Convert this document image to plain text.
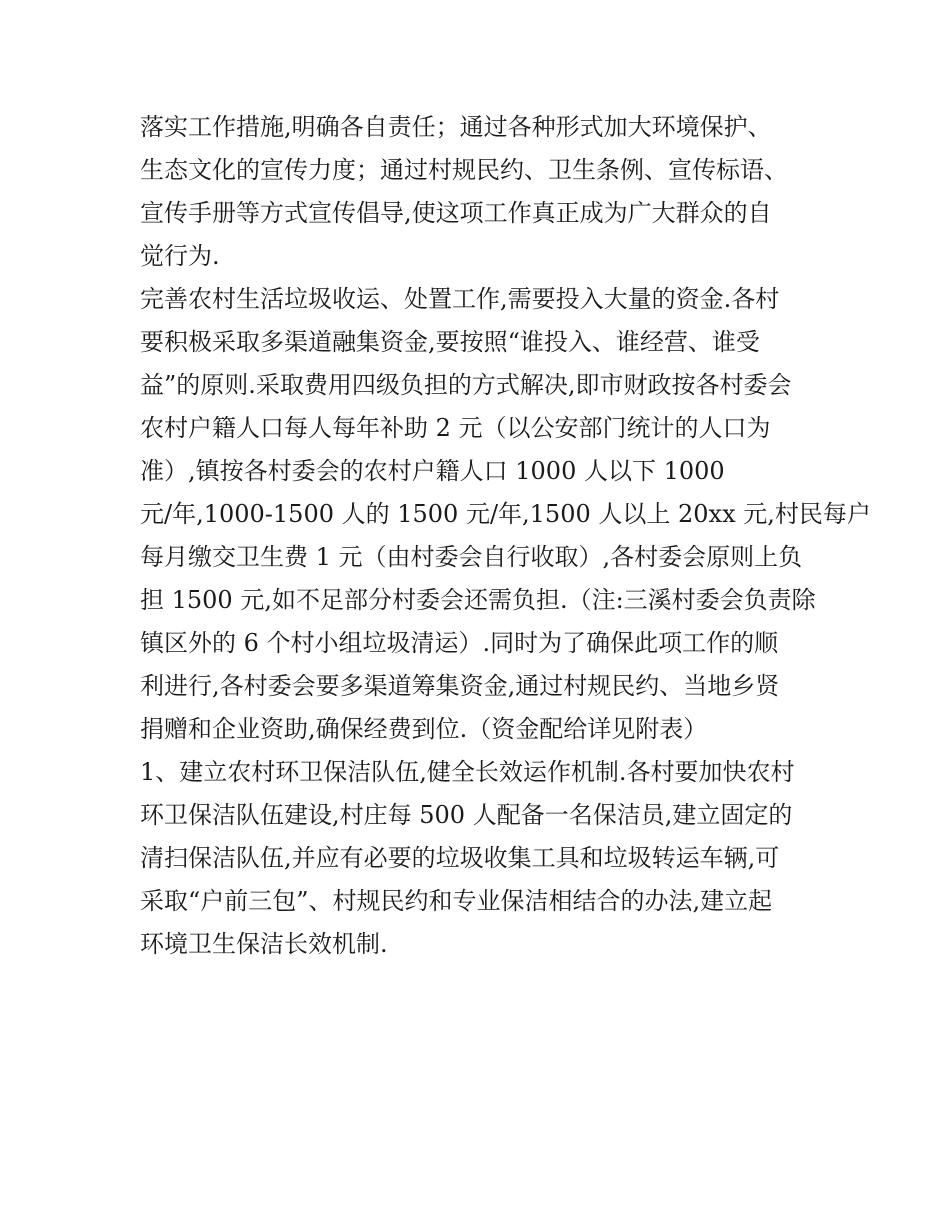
落实工作措施,明确各自责任；通过各种形式加大环境保护、
生态文化的宣传力度；通过村规民约、卫生条例、宣传标语、
宣传手册等方式宣传倡导,使这项工作真正成为广大群众的自
觉行为.
完善农村生活垃圾收运、处置工作,需要投入大量的资金.各村
要积极采取多渠道融集资金,要按照“谁投入、谁经营、谁受
益”的原则.采取费用四级负担的方式解决,即市财政按各村委会
农村户籍人口每人每年补助 2 元（以公安部门统计的人口为
准）,镇按各村委会的农村户籍人口 1000 人以下 1000
元/年,1000-1500 人的 1500 元/年,1500 人以上 20xx 元,村民每户
每月缴交卫生费 1 元（由村委会自行收取）,各村委会原则上负
担 1500 元,如不足部分村委会还需负担.（注:三溪村委会负责除
镇区外的 6 个村小组垃圾清运）.同时为了确保此项工作的顺
利进行,各村委会要多渠道筹集资金,通过村规民约、当地乡贤
捐赠和企业资助,确保经费到位.（资金配给详见附表）
1、建立农村环卫保洁队伍,健全长效运作机制.各村要加快农村
环卫保洁队伍建设,村庄每 500 人配备一名保洁员,建立固定的
清扫保洁队伍,并应有必要的垃圾收集工具和垃圾转运车辆,可
采取“户前三包”、村规民约和专业保洁相结合的办法,建立起
环境卫生保洁长效机制.
